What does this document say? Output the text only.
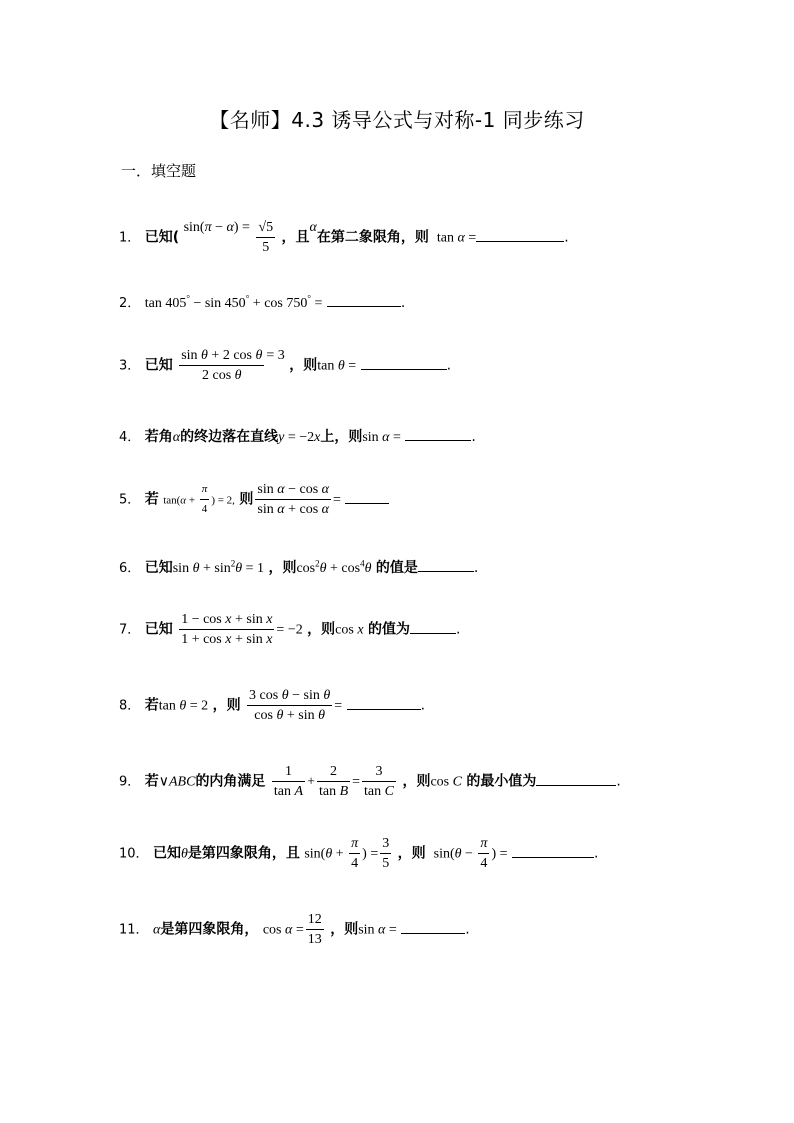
【名师】4.3 诱导公式与对称-1 同步练习
一．填空题
1． 已知( $\sin(\pi - \alpha) = \frac{√5}{5}$ ，且α在第二象限角，则  tan α =	.
2． tan 405° − sin 450° + cos 750° =	.
3． 已知 $\frac{\text{sin θ + 2 cos θ}}{\text{2 cos θ}} = 3$ ，则tan θ =	.
4． 若角α的终边落在直线y = −2x上，则sin α =	.
5． 若 $\tan(\alpha + \frac{\pi}{4}$ ) = 2, 则 $\frac{\text{sin α − cos α}}{\text{sin α + cos α}}$ =
6． 已知$\sin \theta + \sin^2\theta = 1$ ，则$\cos^2\theta + \cos^4\theta$ 的值是	.
7． 已知 $\frac{\text{1 − cos x + sin x}}{\text{1 + cos x + sin x}} = -2$ ，则cos x 的值为	.
8． 若tan θ = 2 ，则 $\frac{\text{3 cos θ − sin θ}}{\text{cos θ + sin θ}}$ =	.
9． 若∨ABC的内角满足 $\frac{1}{\text{tan A}} + \frac{2}{\text{tan B}} = \frac{3}{\text{tan C}}$ ，则cos C 的最小值为	.
10． 已知θ是第四象限角，且 $\sin(\theta + \frac{\pi}{4}$ ) = $\frac{3}{5}$ ，则  $\sin(\theta - \frac{\pi}{4}$ ) =	.
11． α是第四象限角， $\cos \alpha = \frac{12}{13}$ ，则sin α =	.
